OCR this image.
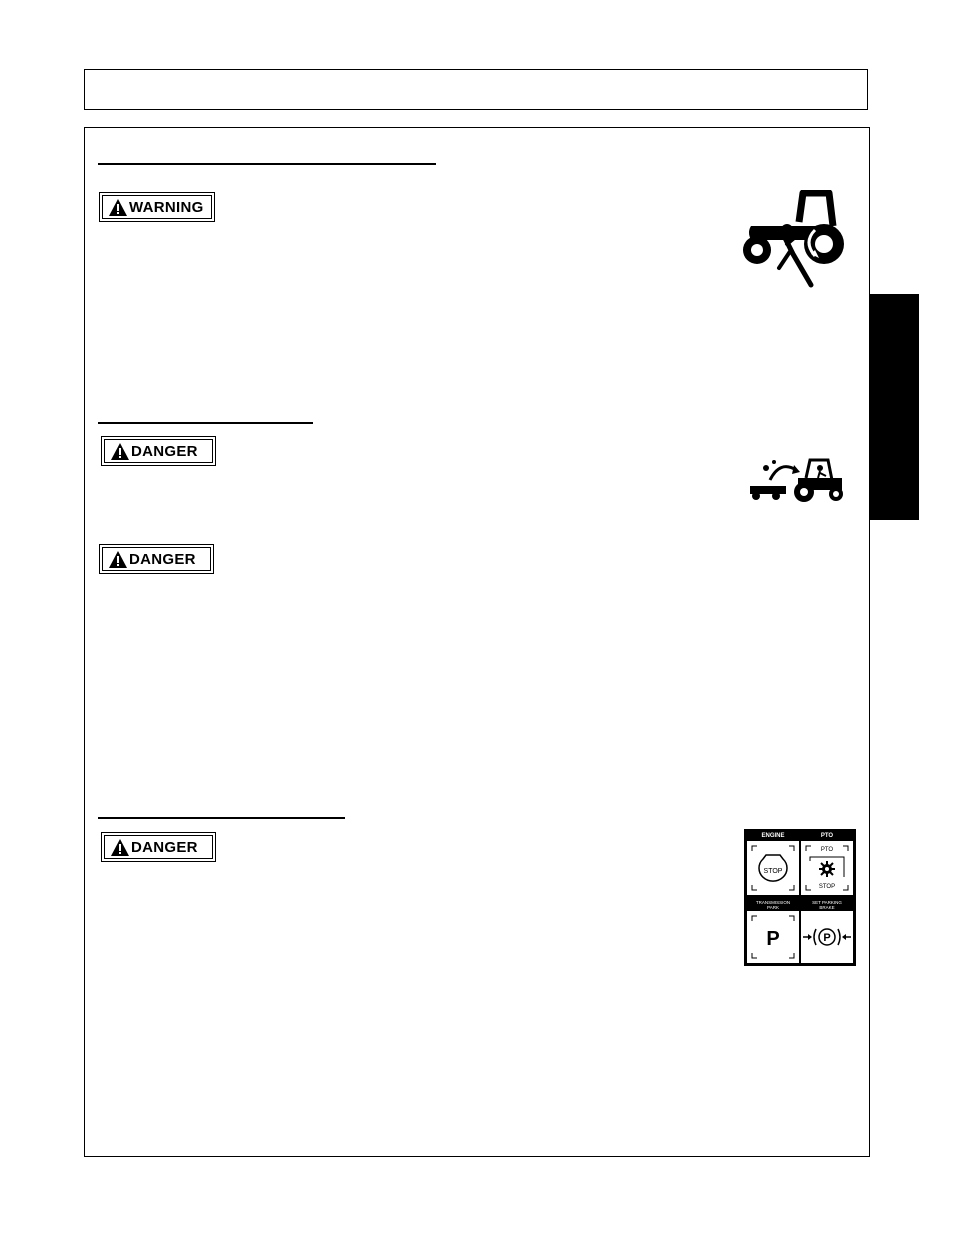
WARNING
DANGER
DANGER
DANGER
ENGINE	PTO
STOP
PTO
STOP
TRANSMISSION
PARK
SET PARKING
BRAKE
P	P
